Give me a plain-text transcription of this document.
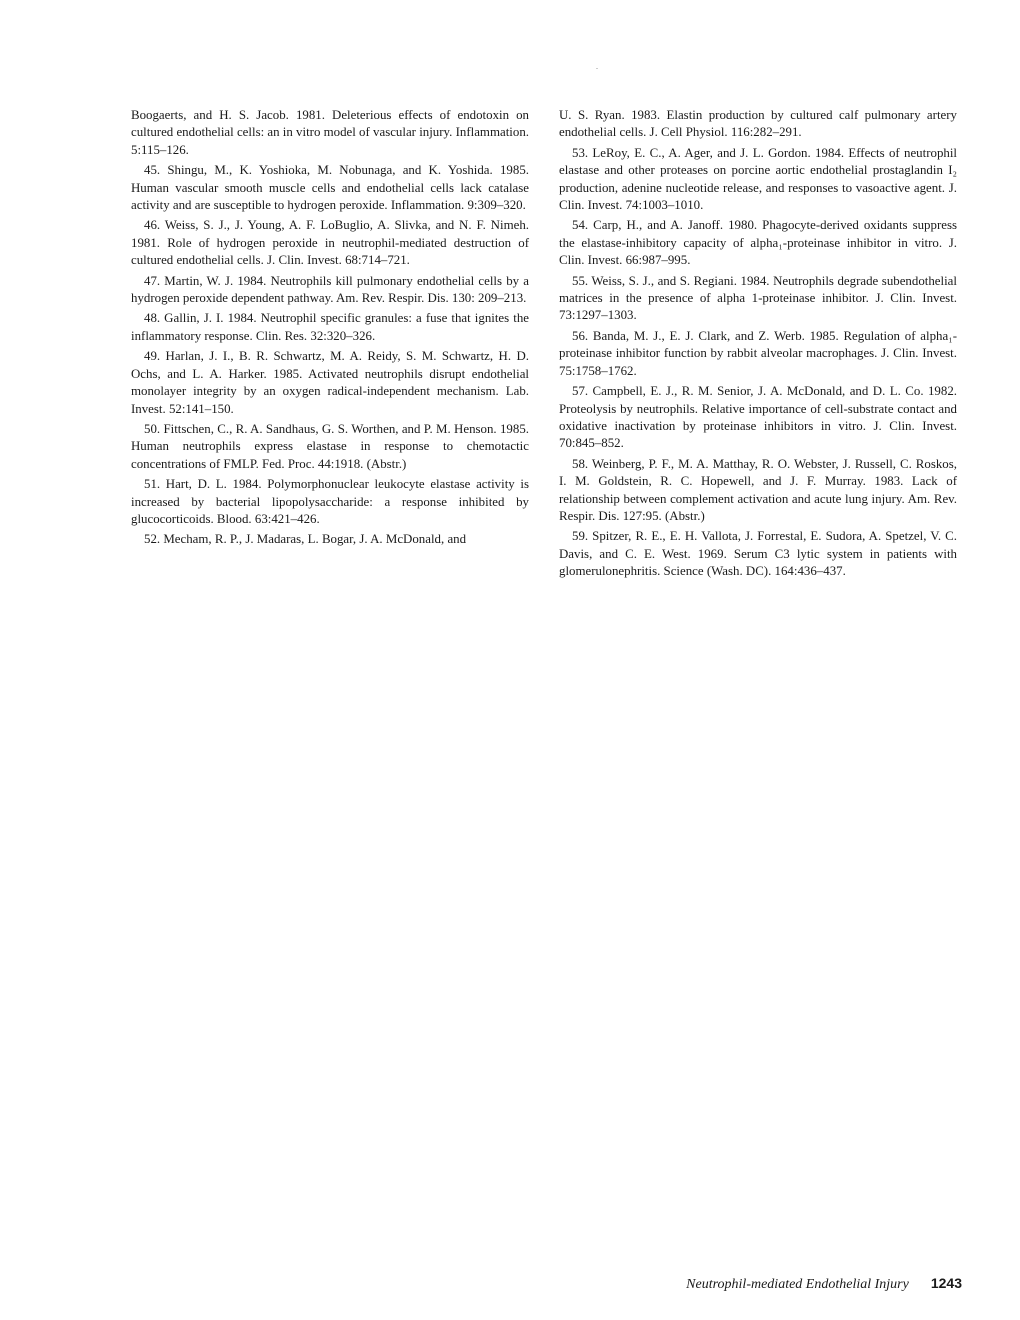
Boogaerts, and H. S. Jacob. 1981. Deleterious effects of endotoxin on cultured endothelial cells: an in vitro model of vascular injury. Inflammation. 5:115–126.

45. Shingu, M., K. Yoshioka, M. Nobunaga, and K. Yoshida. 1985. Human vascular smooth muscle cells and endothelial cells lack catalase activity and are susceptible to hydrogen peroxide. Inflammation. 9:309–320.

46. Weiss, S. J., J. Young, A. F. LoBuglio, A. Slivka, and N. F. Nimeh. 1981. Role of hydrogen peroxide in neutrophil-mediated destruction of cultured endothelial cells. J. Clin. Invest. 68:714–721.

47. Martin, W. J. 1984. Neutrophils kill pulmonary endothelial cells by a hydrogen peroxide dependent pathway. Am. Rev. Respir. Dis. 130: 209–213.

48. Gallin, J. I. 1984. Neutrophil specific granules: a fuse that ignites the inflammatory response. Clin. Res. 32:320–326.

49. Harlan, J. I., B. R. Schwartz, M. A. Reidy, S. M. Schwartz, H. D. Ochs, and L. A. Harker. 1985. Activated neutrophils disrupt endothelial monolayer integrity by an oxygen radical-independent mechanism. Lab. Invest. 52:141–150.

50. Fittschen, C., R. A. Sandhaus, G. S. Worthen, and P. M. Henson. 1985. Human neutrophils express elastase in response to chemotactic concentrations of FMLP. Fed. Proc. 44:1918. (Abstr.)

51. Hart, D. L. 1984. Polymorphonuclear leukocyte elastase activity is increased by bacterial lipopolysaccharide: a response inhibited by glucocorticoids. Blood. 63:421–426.

52. Mecham, R. P., J. Madaras, L. Bogar, J. A. McDonald, and

U. S. Ryan. 1983. Elastin production by cultured calf pulmonary artery endothelial cells. J. Cell Physiol. 116:282–291.

53. LeRoy, E. C., A. Ager, and J. L. Gordon. 1984. Effects of neutrophil elastase and other proteases on porcine aortic endothelial prostaglandin I₂ production, adenine nucleotide release, and responses to vasoactive agent. J. Clin. Invest. 74:1003–1010.

54. Carp, H., and A. Janoff. 1980. Phagocyte-derived oxidants suppress the elastase-inhibitory capacity of alpha₁-proteinase inhibitor in vitro. J. Clin. Invest. 66:987–995.

55. Weiss, S. J., and S. Regiani. 1984. Neutrophils degrade subendothelial matrices in the presence of alpha 1-proteinase inhibitor. J. Clin. Invest. 73:1297–1303.

56. Banda, M. J., E. J. Clark, and Z. Werb. 1985. Regulation of alpha₁-proteinase inhibitor function by rabbit alveolar macrophages. J. Clin. Invest. 75:1758–1762.

57. Campbell, E. J., R. M. Senior, J. A. McDonald, and D. L. Co. 1982. Proteolysis by neutrophils. Relative importance of cell-substrate contact and oxidative inactivation by proteinase inhibitors in vitro. J. Clin. Invest. 70:845–852.

58. Weinberg, P. F., M. A. Matthay, R. O. Webster, J. Russell, C. Roskos, I. M. Goldstein, R. C. Hopewell, and J. F. Murray. 1983. Lack of relationship between complement activation and acute lung injury. Am. Rev. Respir. Dis. 127:95. (Abstr.)

59. Spitzer, R. E., E. H. Vallota, J. Forrestal, E. Sudora, A. Spetzel, V. C. Davis, and C. E. West. 1969. Serum C3 lytic system in patients with glomerulonephritis. Science (Wash. DC). 164:436–437.

Neutrophil-mediated Endothelial Injury 1243
